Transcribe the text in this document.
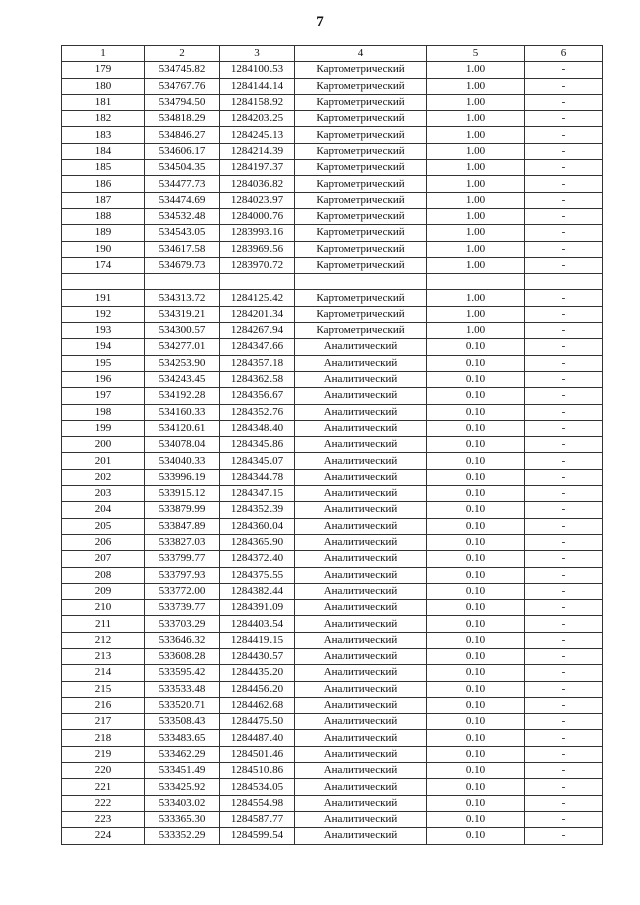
7
1	2	3	4	5	6
179	534745.82	1284100.53	Картометрический	1.00	-
180	534767.76	1284144.14	Картометрический	1.00	-
181	534794.50	1284158.92	Картометрический	1.00	-
182	534818.29	1284203.25	Картометрический	1.00	-
183	534846.27	1284245.13	Картометрический	1.00	-
184	534606.17	1284214.39	Картометрический	1.00	-
185	534504.35	1284197.37	Картометрический	1.00	-
186	534477.73	1284036.82	Картометрический	1.00	-
187	534474.69	1284023.97	Картометрический	1.00	-
188	534532.48	1284000.76	Картометрический	1.00	-
189	534543.05	1283993.16	Картометрический	1.00	-
190	534617.58	1283969.56	Картометрический	1.00	-
174	534679.73	1283970.72	Картометрический	1.00	-

191	534313.72	1284125.42	Картометрический	1.00	-
192	534319.21	1284201.34	Картометрический	1.00	-
193	534300.57	1284267.94	Картометрический	1.00	-
194	534277.01	1284347.66	Аналитический	0.10	-
195	534253.90	1284357.18	Аналитический	0.10	-
196	534243.45	1284362.58	Аналитический	0.10	-
197	534192.28	1284356.67	Аналитический	0.10	-
198	534160.33	1284352.76	Аналитический	0.10	-
199	534120.61	1284348.40	Аналитический	0.10	-
200	534078.04	1284345.86	Аналитический	0.10	-
201	534040.33	1284345.07	Аналитический	0.10	-
202	533996.19	1284344.78	Аналитический	0.10	-
203	533915.12	1284347.15	Аналитический	0.10	-
204	533879.99	1284352.39	Аналитический	0.10	-
205	533847.89	1284360.04	Аналитический	0.10	-
206	533827.03	1284365.90	Аналитический	0.10	-
207	533799.77	1284372.40	Аналитический	0.10	-
208	533797.93	1284375.55	Аналитический	0.10	-
209	533772.00	1284382.44	Аналитический	0.10	-
210	533739.77	1284391.09	Аналитический	0.10	-
211	533703.29	1284403.54	Аналитический	0.10	-
212	533646.32	1284419.15	Аналитический	0.10	-
213	533608.28	1284430.57	Аналитический	0.10	-
214	533595.42	1284435.20	Аналитический	0.10	-
215	533533.48	1284456.20	Аналитический	0.10	-
216	533520.71	1284462.68	Аналитический	0.10	-
217	533508.43	1284475.50	Аналитический	0.10	-
218	533483.65	1284487.40	Аналитический	0.10	-
219	533462.29	1284501.46	Аналитический	0.10	-
220	533451.49	1284510.86	Аналитический	0.10	-
221	533425.92	1284534.05	Аналитический	0.10	-
222	533403.02	1284554.98	Аналитический	0.10	-
223	533365.30	1284587.77	Аналитический	0.10	-
224	533352.29	1284599.54	Аналитический	0.10	-
